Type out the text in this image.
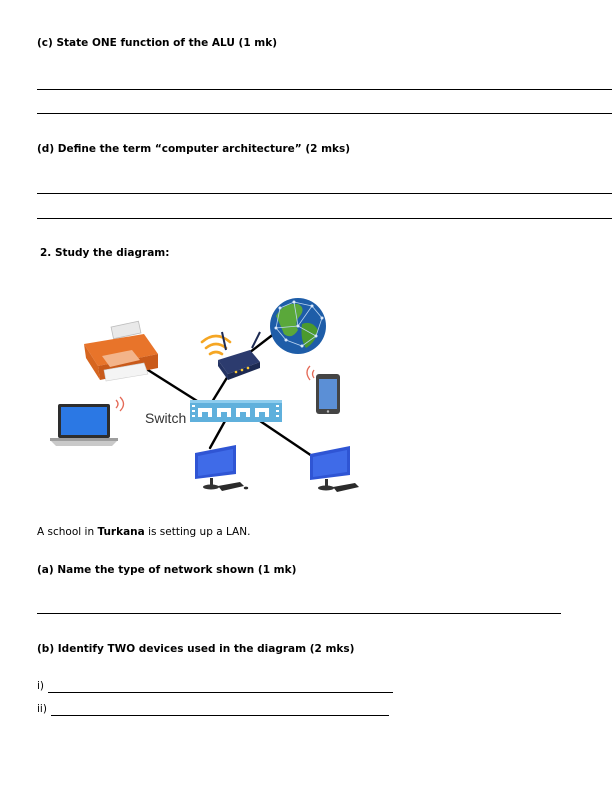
(c) State ONE function of the ALU (1 mk)
(d) Define the term “computer architecture” (2 mks)
2. Study the diagram:
Switch
A school in Turkana is setting up a LAN.
(a) Name the type of network shown (1 mk)
(b) Identify TWO devices used in the diagram (2 mks)
i)
ii)
